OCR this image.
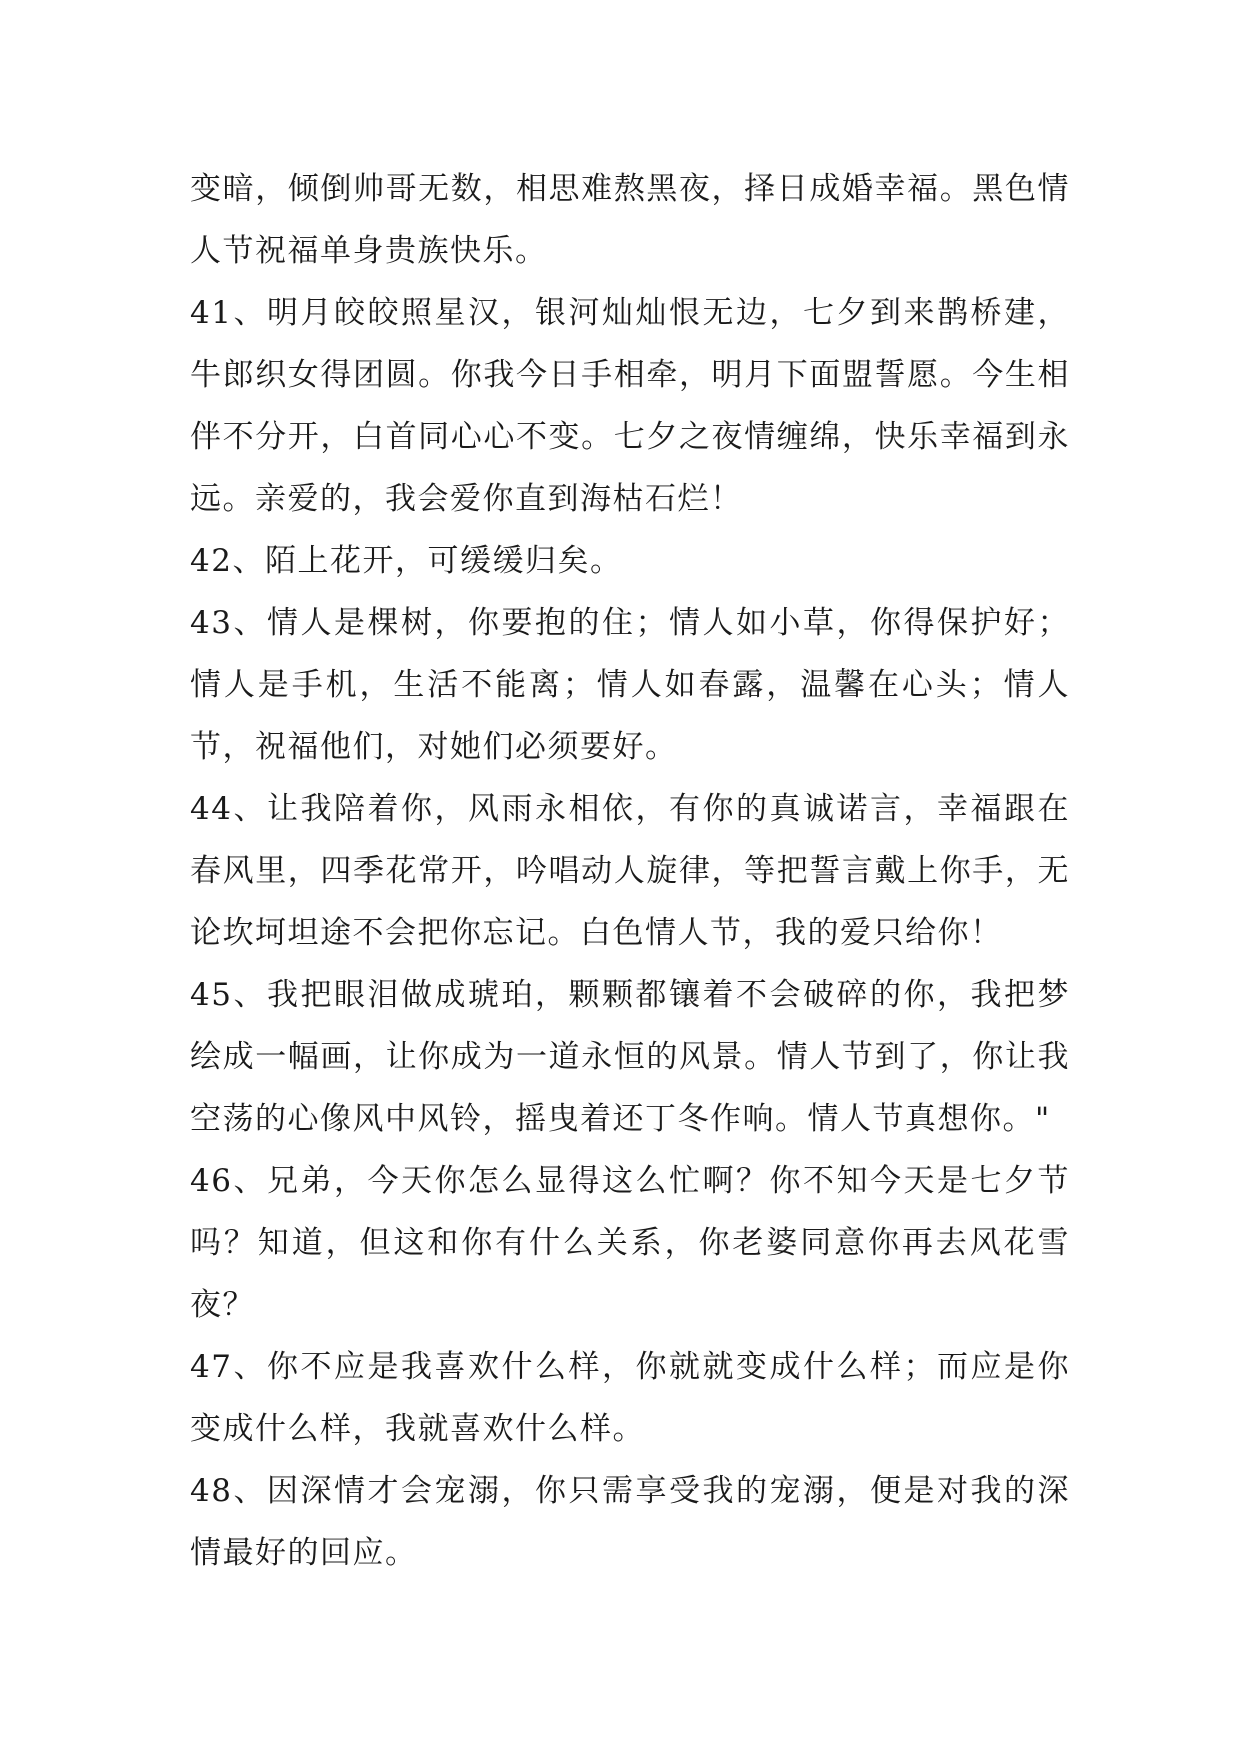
变暗，倾倒帅哥无数，相思难熬黑夜，择日成婚幸福。黑色情人节祝福单身贵族快乐。

41、明月皎皎照星汉，银河灿灿恨无边，七夕到来鹊桥建，牛郎织女得团圆。你我今日手相牵，明月下面盟誓愿。今生相伴不分开，白首同心心不变。七夕之夜情缠绵，快乐幸福到永远。亲爱的，我会爱你直到海枯石烂！

42、陌上花开，可缓缓归矣。

43、情人是棵树，你要抱的住；情人如小草，你得保护好；情人是手机，生活不能离；情人如春露，温馨在心头；情人节，祝福他们，对她们必须要好。

44、让我陪着你，风雨永相依，有你的真诚诺言，幸福跟在春风里，四季花常开，吟唱动人旋律，等把誓言戴上你手，无论坎坷坦途不会把你忘记。白色情人节，我的爱只给你！

45、我把眼泪做成琥珀，颗颗都镶着不会破碎的你，我把梦绘成一幅画，让你成为一道永恒的风景。情人节到了，你让我空荡的心像风中风铃，摇曳着还丁冬作响。情人节真想你。"

46、兄弟，今天你怎么显得这么忙啊？你不知今天是七夕节吗？知道，但这和你有什么关系，你老婆同意你再去风花雪夜？

47、你不应是我喜欢什么样，你就就变成什么样；而应是你变成什么样，我就喜欢什么样。

48、因深情才会宠溺，你只需享受我的宠溺，便是对我的深情最好的回应。
